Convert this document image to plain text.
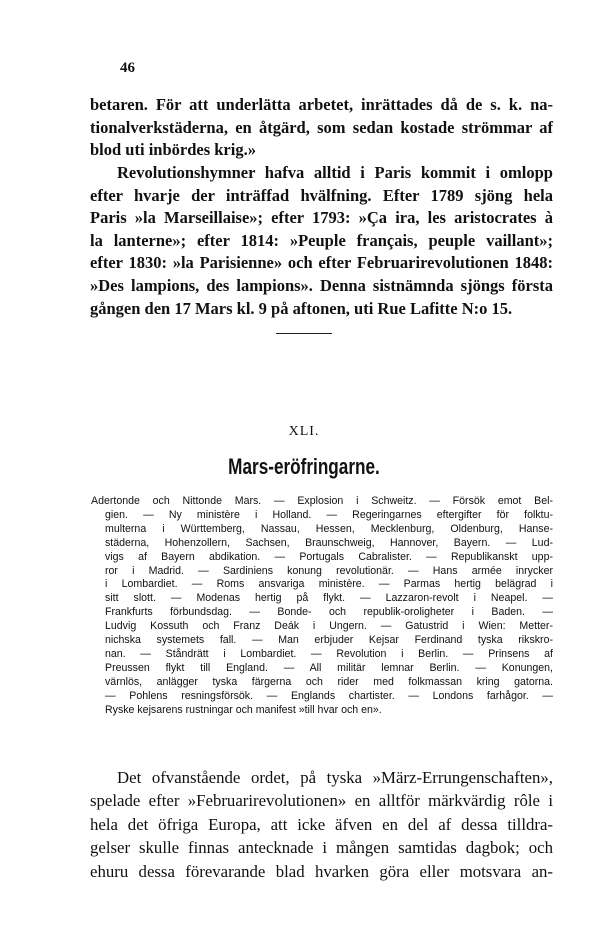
46
betaren. För att underlätta arbetet, inrättades då de s. k. na-
tionalverkstäderna, en åtgärd, som sedan kostade strömmar af
blod uti inbördes krig.»
Revolutionshymner hafva alltid i Paris kommit i omlopp
efter hvarje der inträffad hvälfning. Efter 1789 sjöng hela
Paris »la Marseillaise»; efter 1793: »Ça ira, les aristocrates à
la lanterne»; efter 1814: »Peuple français, peuple vaillant»;
efter 1830: »la Parisienne» och efter Februarirevolutionen 1848:
»Des lampions, des lampions». Denna sistnämnda sjöngs första
gången den 17 Mars kl. 9 på aftonen, uti Rue Lafitte N:o 15.
XLI.
Mars-eröfringarne.
Adertonde och Nittonde Mars. — Explosion i Schweitz. — Försök emot Bel-
gien. — Ny ministère i Holland. — Regeringarnes eftergifter för folktu-
multerna i Württemberg, Nassau, Hessen, Mecklenburg, Oldenburg, Hanse-
städerna, Hohenzollern, Sachsen, Braunschweig, Hannover, Bayern. — Lud-
vigs af Bayern abdikation. — Portugals Cabralister. — Republikanskt upp-
ror i Madrid. — Sardiniens konung revolutionär. — Hans armée inrycker
i Lombardiet. — Roms ansvariga ministère. — Parmas hertig belägrad i
sitt slott. — Modenas hertig på flykt. — Lazzaron-revolt i Neapel. —
Frankfurts förbundsdag. — Bonde- och republik-oroligheter i Baden. —
Ludvig Kossuth och Franz Deák i Ungern. — Gatustrid i Wien: Metter-
nichska systemets fall. — Man erbjuder Kejsar Ferdinand tyska rikskro-
nan. — Ståndrätt i Lombardiet. — Revolution i Berlin. — Prinsens af
Preussen flykt till England. — All militär lemnar Berlin. — Konungen,
värnlös, anlägger tyska färgerna och rider med folkmassan kring gatorna.
— Pohlens resningsförsök. — Englands chartister. — Londons farhågor. —
Ryske kejsarens rustningar och manifest »till hvar och en».
Det ofvanstående ordet, på tyska »März-Errungenschaften»,
spelade efter »Februarirevolutionen» en alltför märkvärdig rôle i
hela det öfriga Europa, att icke äfven en del af dessa tilldra-
gelser skulle finnas antecknade i mången samtidas dagbok; och
ehuru dessa förevarande blad hvarken göra eller motsvara an-
